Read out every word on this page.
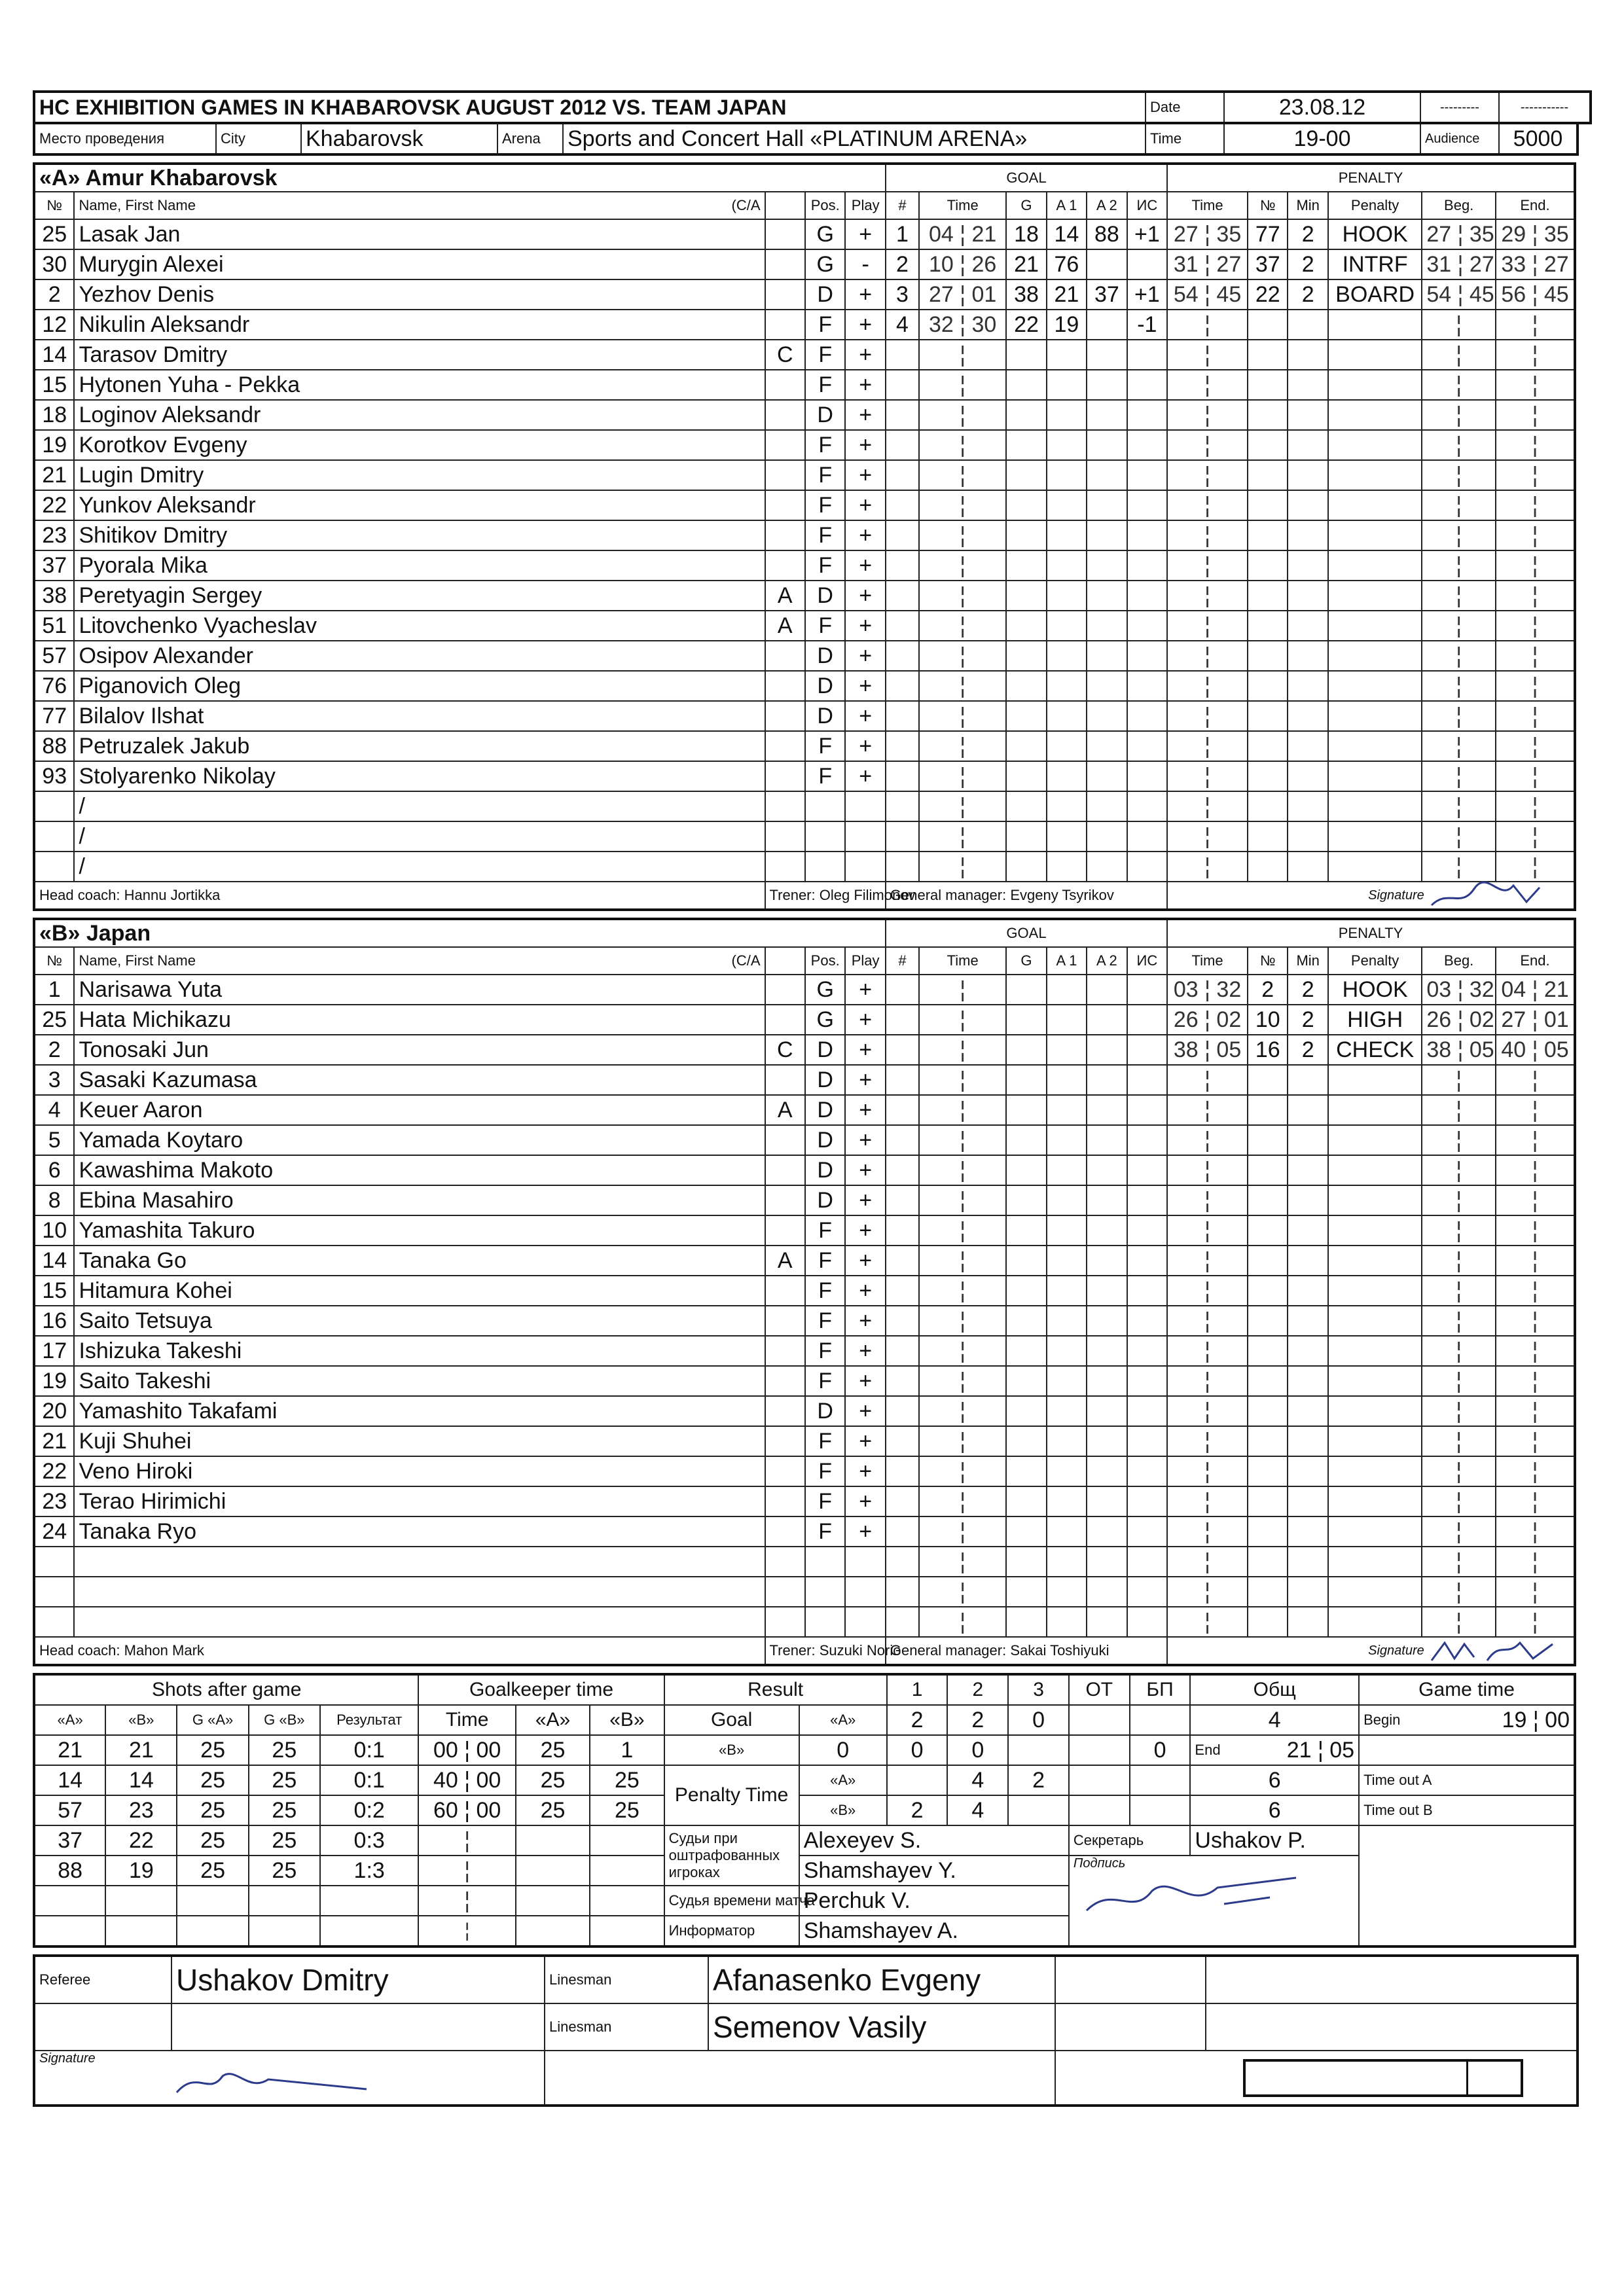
HC EXHIBITION GAMES IN KHABAROVSK AUGUST 2012 VS. TEAM JAPAN	Date	23.08.12	---------	-----------
Место проведения	City	Khabarovsk	Arena	Sports and Concert Hall «PLATINUM ARENA»	Time	19-00	Audience	5000
«A» Amur Khabarovsk					GOAL						PENALTY					
№	Name, First Name (C/A		Pos.	Play	#	Time	G	A 1	A 2	ИС	Time	№	Min	Penalty	Beg.	End.
25	Lasak Jan		G	+	1	04 ¦ 21	18	14	88	+1	27 ¦ 35	77	2	HOOK	27 ¦ 35	29 ¦ 35
30	Murygin Alexei		G	-	2	10 ¦ 26	21	76			31 ¦ 27	37	2	INTRF	31 ¦ 27	33 ¦ 27
2	Yezhov Denis		D	+	3	27 ¦ 01	38	21	37	+1	54 ¦ 45	22	2	BOARD	54 ¦ 45	56 ¦ 45
12	Nikulin Aleksandr		F	+	4	32 ¦ 30	22	19		-1	¦				¦	¦
14	Tarasov Dmitry	C	F	+		¦					¦				¦	¦
15	Hytonen Yuha - Pekka		F	+		¦					¦				¦	¦
18	Loginov Aleksandr		D	+		¦					¦				¦	¦
19	Korotkov Evgeny		F	+		¦					¦				¦	¦
21	Lugin Dmitry		F	+		¦					¦				¦	¦
22	Yunkov Aleksandr		F	+		¦					¦				¦	¦
23	Shitikov Dmitry		F	+		¦					¦				¦	¦
37	Pyorala Mika		F	+		¦					¦				¦	¦
38	Peretyagin Sergey	A	D	+		¦					¦				¦	¦
51	Litovchenko Vyacheslav	A	F	+		¦					¦				¦	¦
57	Osipov Alexander		D	+		¦					¦				¦	¦
76	Piganovich Oleg		D	+		¦					¦				¦	¦
77	Bilalov Ilshat		D	+		¦					¦				¦	¦
88	Petruzalek Jakub		F	+		¦					¦				¦	¦
93	Stolyarenko Nikolay		F	+		¦					¦				¦	¦
	/					¦					¦				¦	¦
	/					¦					¦				¦	¦
	/					¦					¦				¦	¦
Head coach: Hannu Jortikka		Trener: Oleg Filimonov			General manager: Evgeny Tsyrikov						Signature					
«B» Japan					GOAL						PENALTY					
№	Name, First Name (C/A		Pos.	Play	#	Time	G	A 1	A 2	ИС	Time	№	Min	Penalty	Beg.	End.
1	Narisawa Yuta		G	+		¦					03 ¦ 32	2	2	HOOK	03 ¦ 32	04 ¦ 21
25	Hata Michikazu		G	+		¦					26 ¦ 02	10	2	HIGH	26 ¦ 02	27 ¦ 01
2	Tonosaki Jun	C	D	+		¦					38 ¦ 05	16	2	CHECK	38 ¦ 05	40 ¦ 05
3	Sasaki Kazumasa		D	+		¦					¦				¦	¦
4	Keuer Aaron	A	D	+		¦					¦				¦	¦
5	Yamada Koytaro		D	+		¦					¦				¦	¦
6	Kawashima Makoto		D	+		¦					¦				¦	¦
8	Ebina Masahiro		D	+		¦					¦				¦	¦
10	Yamashita Takuro		F	+		¦					¦				¦	¦
14	Tanaka Go	A	F	+		¦					¦				¦	¦
15	Hitamura Kohei		F	+		¦					¦				¦	¦
16	Saito Tetsuya		F	+		¦					¦				¦	¦
17	Ishizuka Takeshi		F	+		¦					¦				¦	¦
19	Saito Takeshi		F	+		¦					¦				¦	¦
20	Yamashito Takafami		D	+		¦					¦				¦	¦
21	Kuji Shuhei		F	+		¦					¦				¦	¦
22	Veno Hiroki		F	+		¦					¦				¦	¦
23	Terao Hirimichi		F	+		¦					¦				¦	¦
24	Tanaka Ryo		F	+		¦					¦				¦	¦
						¦					¦				¦	¦
						¦					¦				¦	¦
						¦					¦				¦	¦
Head coach: Mahon Mark		Trener: Suzuki Norio			General manager: Sakai Toshiyuki						Signature					
Shots after game					Goalkeeper time			Result		1	2	3	OT	БП	Общ	Game time
«A»	«B»	G «A»	G «B»	Результат	Time	«A»	«B»	Goal	«A»	2	2	0			4	Begin 19 ¦ 00

21	21	25	25	0:1	00 ¦ 00	25	1	«B»	0	0	0			0	End 21 ¦ 05	

14	14	25	25	0:1	40 ¦ 00	25	25	Penalty Time	«A»		4	2			6	Time out A
57	23	25	25	0:2	60 ¦ 00	25	25		«B»	2	4				6	Time out B
37	22	25	25	0:3	¦			Судьи при оштрафованных игроках	Alexeyev S.				Секретарь		Ushakov P.	
88	19	25	25	1:3	¦				Shamshayev Y.				Подпись			

					¦			Судья времени матча	Perchuk V.							
					¦			Информатор	Shamshayev A.							
Referee	Ushakov Dmitry	Linesman	Afanasenko Evgeny		
		Linesman	Semenov Vasily		

Signature					
